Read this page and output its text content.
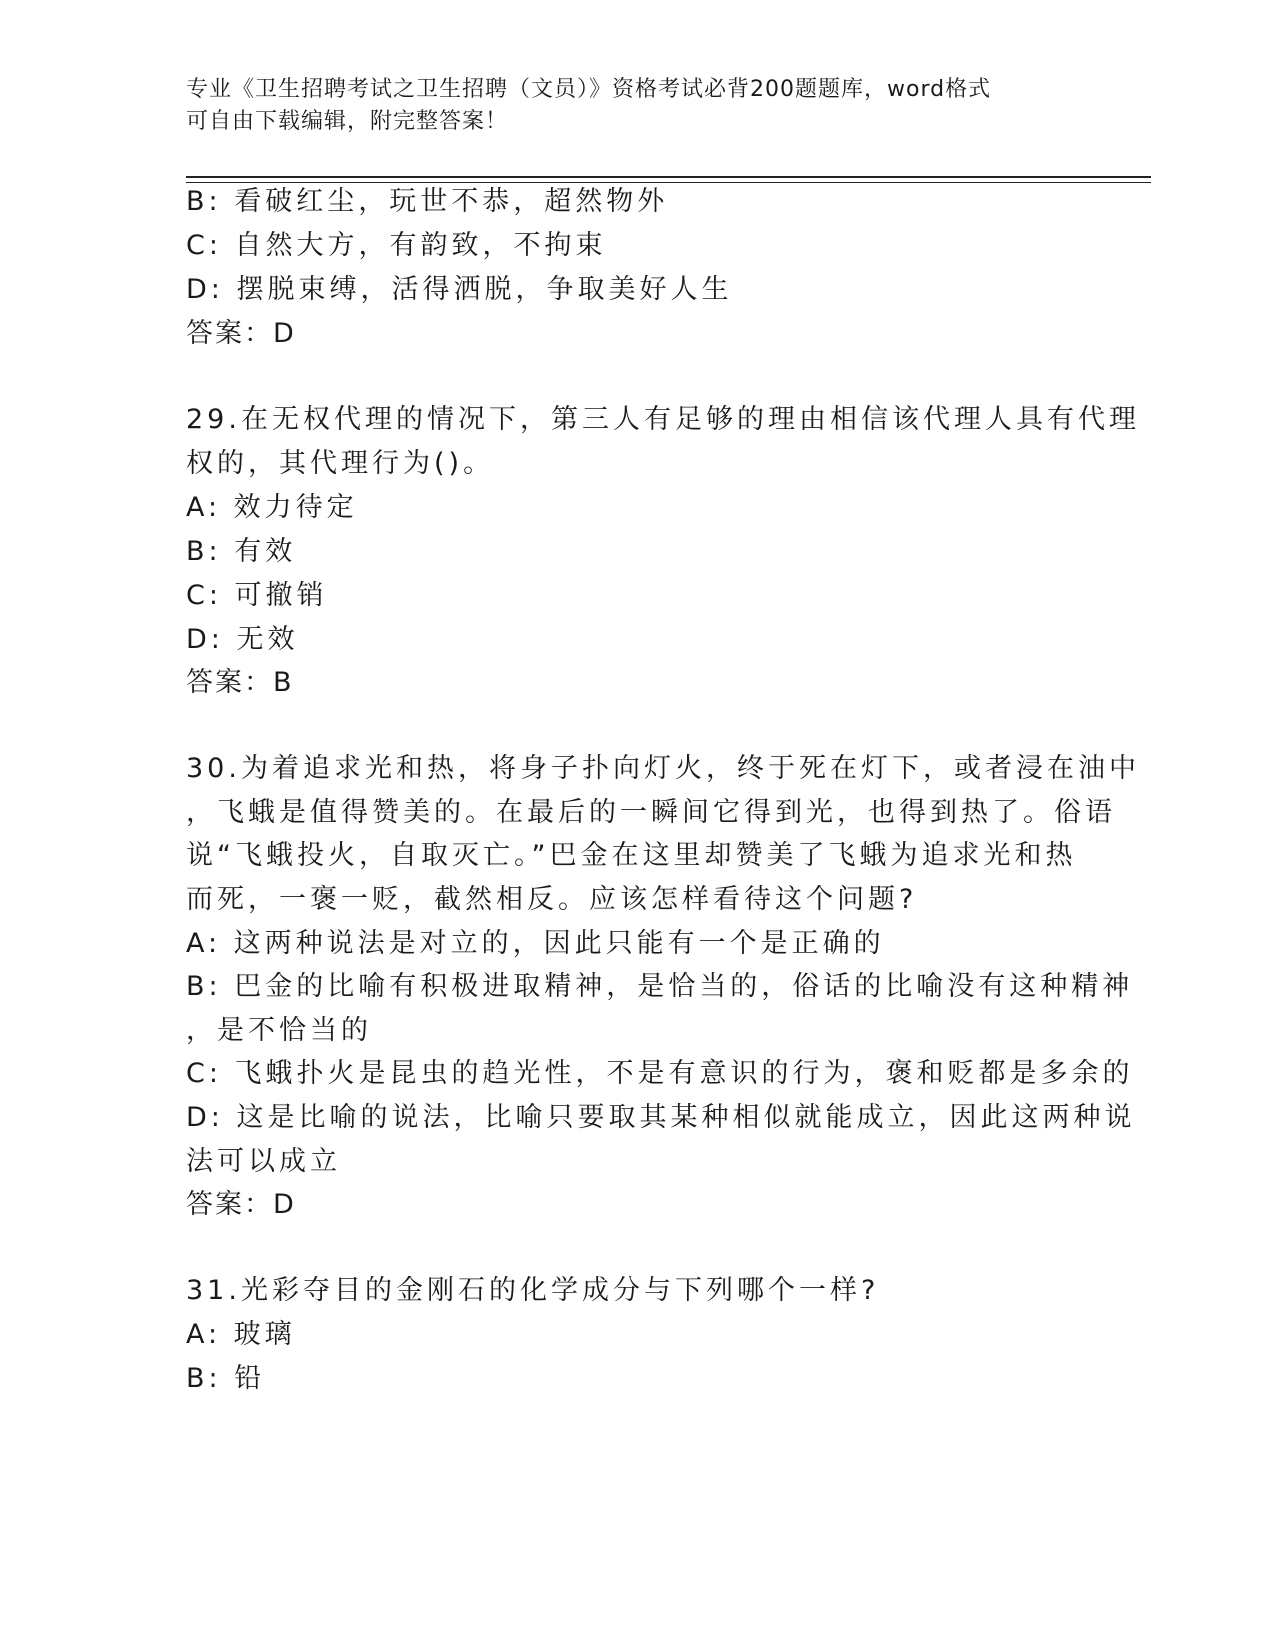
专业《卫生招聘考试之卫生招聘（文员）》资格考试必背200题题库，word格式
可自由下载编辑，附完整答案！
B: 看破红尘，玩世不恭，超然物外
C: 自然大方，有韵致，不拘束
D: 摆脱束缚，活得洒脱，争取美好人生
答案：D
29.在无权代理的情况下，第三人有足够的理由相信该代理人具有代理
权的，其代理行为()。
A: 效力待定
B: 有效
C: 可撤销
D: 无效
答案：B
30.为着追求光和热，将身子扑向灯火，终于死在灯下，或者浸在油中
，飞蛾是值得赞美的。在最后的一瞬间它得到光，也得到热了。俗语
说“飞蛾投火，自取灭亡。”巴金在这里却赞美了飞蛾为追求光和热
而死，一褒一贬，截然相反。应该怎样看待这个问题?
A: 这两种说法是对立的，因此只能有一个是正确的
B: 巴金的比喻有积极进取精神，是恰当的，俗话的比喻没有这种精神
，是不恰当的
C: 飞蛾扑火是昆虫的趋光性，不是有意识的行为，褒和贬都是多余的
D: 这是比喻的说法，比喻只要取其某种相似就能成立，因此这两种说
法可以成立
答案：D
31.光彩夺目的金刚石的化学成分与下列哪个一样?
A: 玻璃
B: 铅
